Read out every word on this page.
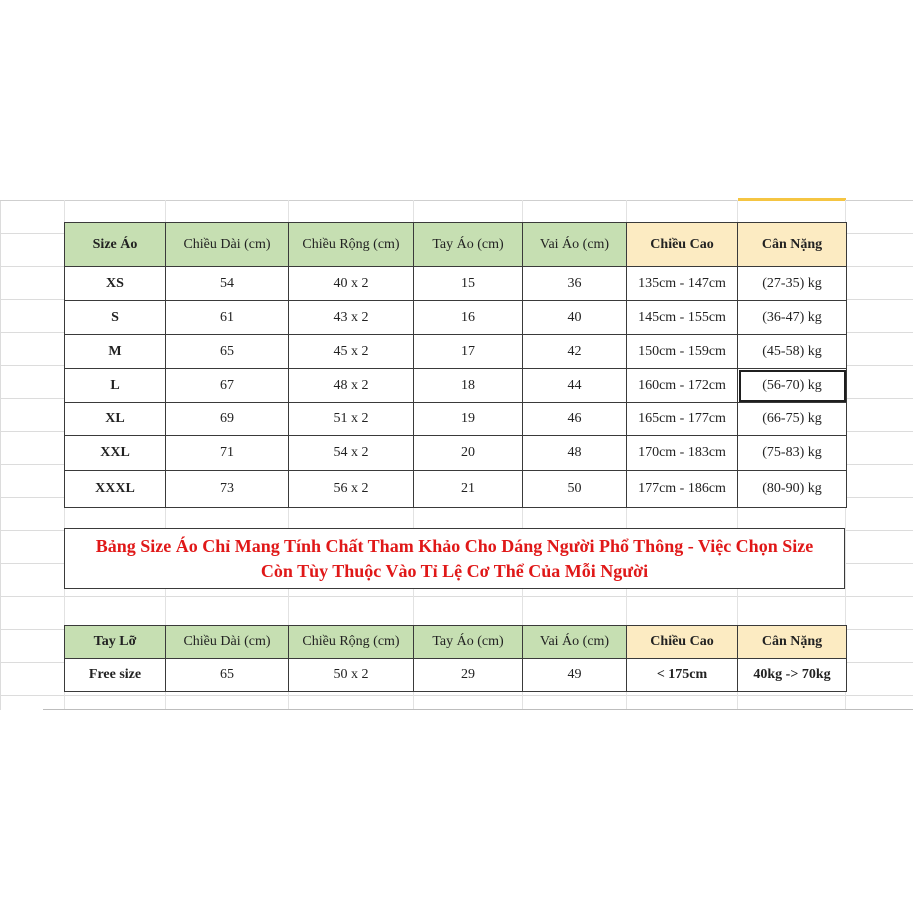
Size Áo	Chiều Dài (cm)	Chiều Rộng (cm)	Tay Áo (cm)	Vai Áo (cm)	Chiều Cao	Cân Nặng
XS	54	40 x 2	15	36	135cm - 147cm	(27-35) kg
S	61	43 x 2	16	40	145cm - 155cm	(36-47) kg
M	65	45 x 2	17	42	150cm - 159cm	(45-58) kg
L	67	48 x 2	18	44	160cm - 172cm	(56-70) kg

XL	69	51 x 2	19	46	165cm - 177cm	(66-75) kg
XXL	71	54 x 2	20	48	170cm - 183cm	(75-83) kg
XXXL	73	56 x 2	21	50	177cm - 186cm	(80-90) kg
Bảng Size Áo Chỉ Mang Tính Chất Tham Khảo Cho Dáng Người Phổ Thông - Việc Chọn Size
Còn Tùy Thuộc Vào Tỉ Lệ Cơ Thể Của Mỗi Người
Tay Lỡ	Chiều Dài (cm)	Chiều Rộng (cm)	Tay Áo (cm)	Vai Áo (cm)	Chiều Cao	Cân Nặng
Free size	65	50 x 2	29	49	< 175cm	40kg -> 70kg
